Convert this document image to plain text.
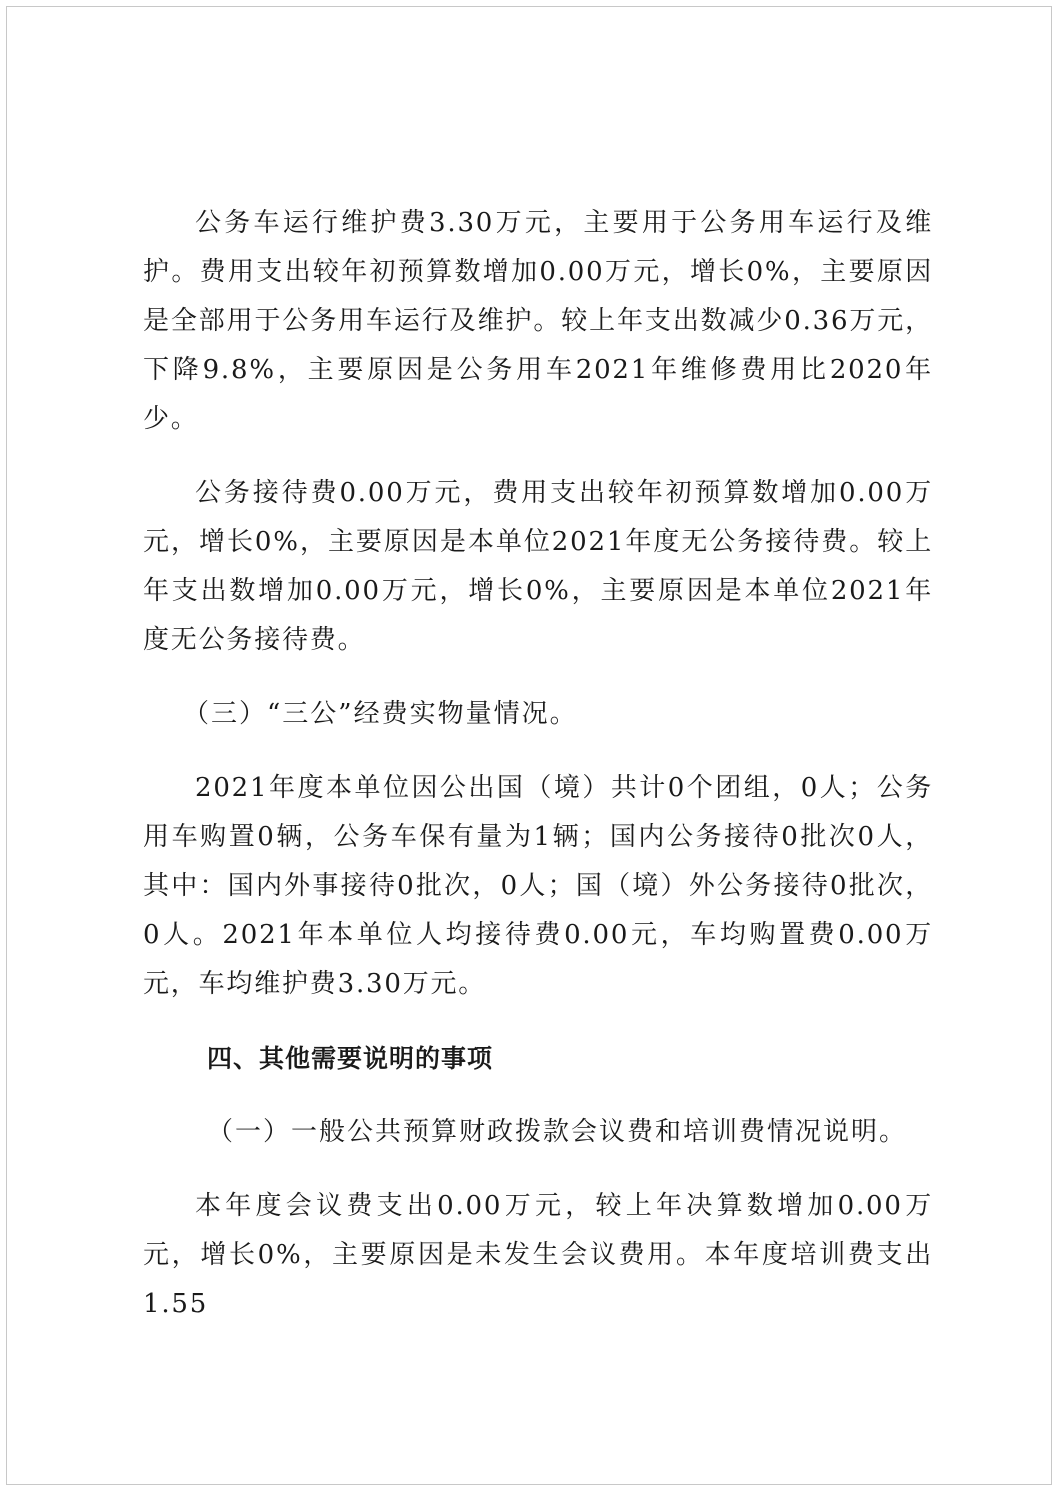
公务车运行维护费3.30万元，主要用于公务用车运行及维护。费用支出较年初预算数增加0.00万元，增长0%，主要原因是全部用于公务用车运行及维护。较上年支出数减少0.36万元，下降9.8%，主要原因是公务用车2021年维修费用比2020年少。

公务接待费0.00万元，费用支出较年初预算数增加0.00万元，增长0%，主要原因是本单位2021年度无公务接待费。较上年支出数增加0.00万元，增长0%，主要原因是本单位2021年度无公务接待费。

（三）“三公”经费实物量情况。

2021年度本单位因公出国（境）共计0个团组，0人；公务用车购置0辆，公务车保有量为1辆；国内公务接待0批次0人，其中：国内外事接待0批次，0人；国（境）外公务接待0批次，0人。2021年本单位人均接待费0.00元，车均购置费0.00万元，车均维护费3.30万元。

四、其他需要说明的事项

（一）一般公共预算财政拨款会议费和培训费情况说明。

本年度会议费支出0.00万元，较上年决算数增加0.00万元，增长0%，主要原因是未发生会议费用。本年度培训费支出1.55
